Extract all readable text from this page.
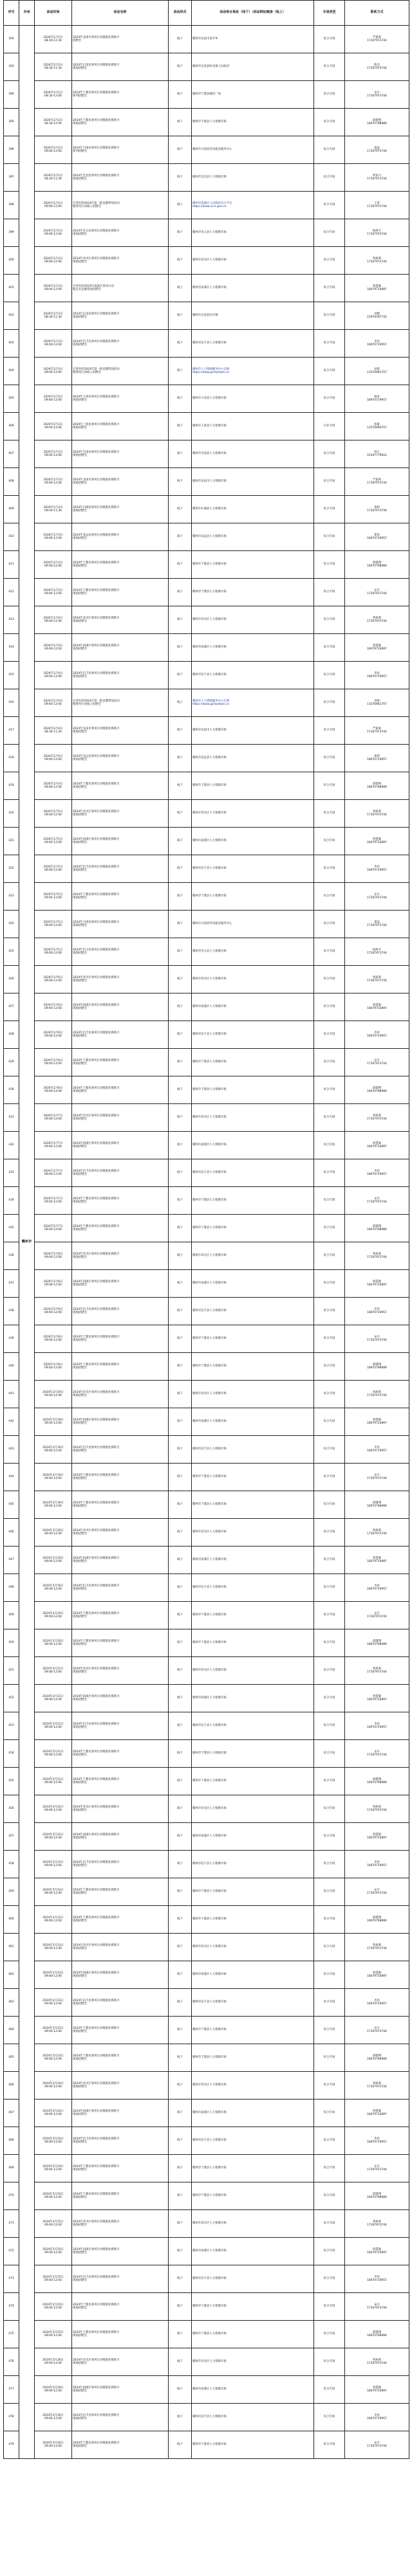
序号	市州	活动时间	活动名称	活动形式	活动举办地址（线下）（活动网址链接（线上）	专场类型	联系方式
392	赣州市	2024年2月2日
08:30-11:30	2024年龙南市春风行动暨就业援助月
招聘会	线下	赣州市龙南市南亨乡	综合专场	严霜爽
17307973744
393		2024年2月2日
08:30-11:30	2024年定南县春风行动暨就业援助月
现场招聘会	线下	赣州市定南县岭北镇人民政府	综合专场	陈美
17307973744
394		2024年2月2日
08:30-12:00	2024年宁都县春风行动暨就业援助月
系列招聘会	线下	赣州市宁都县城区广场	综合专场	宋卉
17307973744
395		2024年2月2日
08:30-12:00	2024年于都县春风行动暨就业援助月
现场招聘会	线下	赣州市于都县人力资源市场	综合专场	邱健翔
18970798989
396		2024年2月2日
09:00-12:00	2024年兴国县春风行动暨就业援助月
系列招聘会	线下	赣州市兴国县劳动就业服务中心	综合专场	夏晶
17307973744
397		2024年2月2日
08:30-11:30	2024年会昌县春风行动暨就业援助月
现场招聘会	线下	赣州市会昌县人力资源市场	综合专场	黄富兴
17307973744
398		2024年2月2日
09:00-12:00	百变医药2024年第一批直播带岗活动
暨春风行动线上招聘会	线上	赣州市南康区人民政府官方平台
https://www.ncrs.gov.cn	综合专场	王勇
17307973744
399		2024年2月2日
09:00-12:00	2024年崇义县春风行动暨就业援助月
现场招聘会	线下	赣州市崇义县人力资源市场	综合专场	杨海平
17307973744
400		2024年2月3日
09:00-12:00	2024年章贡区春风行动暨就业援助月
现场招聘会	线下	赣州市章贡区人力资源市场	综合专场	黄莉莉
17307973744
401		2024年2月3日
09:00-12:00	百变医药2024年南康区春风行动
暨企业直播带岗招聘会	线上	赣州市南康区人力资源市场	综合专场	黄慧敏
18079710897
402		2024年2月3日
08:30-11:30	2024年定南县春风行动暨就业援助月
现场招聘会	线下	赣州市定南县历市镇	综合专场	刘德
15979787745
403		2024年2月3日
09:00-12:00	2024年信丰县春风行动暨就业援助月
现场招聘会	线下	赣州市信丰县人力资源市场	综合专场	李亮
18970719957
404		2024年2月3日
09:00-12:00	百变医药2024年第一批直播带岗活动
暨春风行动线上招聘会	线上	赣州市人力资源服务中心官网
https://www.gzrlzyfwzx.cn	综合专场	刘勇
13576961707
405		2024年2月3日
09:00-12:00	2024年大余县春风行动暨就业援助月
现场招聘会	线下	赣州市大余县人力资源市场	综合专场	杨凤
18970719957
406		2024年2月3日
09:00-12:00	2024年上犹县春风行动暨就业援助月
现场招聘会	线下	赣州市上犹县人力资源市场	行业专场	张敏
13576969707
407		2024年2月3日
09:00-12:00	2024年全南县春风行动暨就业援助月
现场招聘会	线下	赣州市全南县人力资源市场	综合专场	钟云
15297779922
408		2024年2月3日
09:00-12:00	2024年龙南市春风行动暨就业援助月
现场招聘会	线下	赣州市龙南市人力资源市场	综合专场	严霜爽
17307973744
409		2024年2月3日
09:00-11:30	2024年石城县春风行动暨就业援助月
现场招聘会	线下	赣州市石城县人力资源市场	综合专场	黄婷
17307973744
410		2024年2月3日
09:00-12:00	2024年安远县春风行动暨就业援助月
现场招聘会	线下	赣州市安远县人力资源市场	综合专场	郑瑶
18970719957
411		2024年2月3日
09:00-12:00	2024年于都县春风行动暨就业援助月
现场招聘会	线下	赣州市于都县人力资源市场	综合专场	邱健翔
18970798989
412		2024年2月3日
09:00-12:00	2024年宁都县春风行动暨就业援助月
现场招聘会	线下	赣州市宁都县人力资源市场	综合专场	宋卉
17307973744
413		2024年2月4日
09:00-12:00	2024年章贡区春风行动暨就业援助月
现场招聘会	线下	赣州市章贡区人力资源市场	综合专场	黄莉莉
17307973744
414		2024年2月4日
09:00-12:00	2024年南康区春风行动暨就业援助月
现场招聘会	线下	赣州市南康区人力资源市场	综合专场	黄慧敏
18079710897
415		2024年2月4日
09:00-12:00	2024年信丰县春风行动暨就业援助月
现场招聘会	线下	赣州市信丰县人力资源市场	综合专场	李亮
18970719957
416		2024年2月4日
09:00-12:00	百变医药2024年第一批直播带岗活动
暨春风行动线上招聘会	线上	赣州市人力资源服务中心官网
https://www.gzrlzyfwzx.cn	综合专场	刘勇
13576961707
417		2024年2月4日
08:30-11:30	2024年龙南市春风行动暨就业援助月
现场招聘会	线下	赣州市龙南市人力资源市场	综合专场	严霜爽
17307973744
418		2024年2月4日
09:00-12:00	2024年安远县春风行动暨就业援助月
现场招聘会	线下	赣州市安远县人力资源市场	综合专场	郑瑶
18970719957
419		2024年2月4日
09:00-12:00	2024年于都县春风行动暨就业援助月
现场招聘会	线下	赣州市于都县人力资源市场	综合专场	邱健翔
18970798989
420		2024年2月5日
09:00-12:00	2024年章贡区春风行动暨就业援助月
现场招聘会	线下	赣州市章贡区人力资源市场	综合专场	黄莉莉
17307973744
421		2024年2月5日
09:00-12:00	2024年南康区春风行动暨就业援助月
现场招聘会	线下	赣州市南康区人力资源市场	综合专场	黄慧敏
18079710897
422		2024年2月5日
09:00-12:00	2024年信丰县春风行动暨就业援助月
现场招聘会	线下	赣州市信丰县人力资源市场	综合专场	李亮
18970719957
423		2024年2月5日
09:00-12:00	2024年宁都县春风行动暨就业援助月
现场招聘会	线下	赣州市宁都县人力资源市场	综合专场	宋卉
17307973744
424		2024年2月5日
09:00-12:00	2024年兴国县春风行动暨就业援助月
现场招聘会	线下	赣州市兴国县劳动就业服务中心	综合专场	夏晶
17307973744
425		2024年2月5日
09:00-12:00	2024年崇义县春风行动暨就业援助月
现场招聘会	线下	赣州市崇义县人力资源市场	综合专场	杨海平
17307973744
426		2024年2月6日
09:00-12:00	2024年章贡区春风行动暨就业援助月
现场招聘会	线下	赣州市章贡区人力资源市场	综合专场	黄莉莉
17307973744
427		2024年2月6日
09:00-12:00	2024年南康区春风行动暨就业援助月
现场招聘会	线下	赣州市南康区人力资源市场	综合专场	黄慧敏
18079710897
428		2024年2月6日
09:00-12:00	2024年信丰县春风行动暨就业援助月
现场招聘会	线下	赣州市信丰县人力资源市场	综合专场	李亮
18970719957
429		2024年2月6日
09:00-12:00	2024年宁都县春风行动暨就业援助月
现场招聘会	线下	赣州市宁都县人力资源市场	综合专场	宋卉
17307973744
430		2024年2月6日
09:00-12:00	2024年于都县春风行动暨就业援助月
现场招聘会	线下	赣州市于都县人力资源市场	综合专场	邱健翔
18970798989
431		2024年2月7日
09:00-12:00	2024年章贡区春风行动暨就业援助月
现场招聘会	线下	赣州市章贡区人力资源市场	综合专场	黄莉莉
17307973744
432		2024年2月7日
09:00-12:00	2024年南康区春风行动暨就业援助月
现场招聘会	线下	赣州市南康区人力资源市场	综合专场	黄慧敏
18079710897
433		2024年2月7日
09:00-12:00	2024年信丰县春风行动暨就业援助月
现场招聘会	线下	赣州市信丰县人力资源市场	综合专场	李亮
18970719957
434		2024年2月7日
09:00-12:00	2024年宁都县春风行动暨就业援助月
现场招聘会	线下	赣州市宁都县人力资源市场	综合专场	宋卉
17307973744
435		2024年2月7日
09:00-12:00	2024年于都县春风行动暨就业援助月
现场招聘会	线下	赣州市于都县人力资源市场	综合专场	邱健翔
18970798989
436		2024年2月8日
09:00-12:00	2024年章贡区春风行动暨就业援助月
现场招聘会	线下	赣州市章贡区人力资源市场	综合专场	黄莉莉
17307973744
437		2024年2月8日
09:00-12:00	2024年南康区春风行动暨就业援助月
现场招聘会	线下	赣州市南康区人力资源市场	综合专场	黄慧敏
18079710897
438		2024年2月8日
09:00-12:00	2024年信丰县春风行动暨就业援助月
现场招聘会	线下	赣州市信丰县人力资源市场	综合专场	李亮
18970719957
439		2024年2月8日
09:00-12:00	2024年宁都县春风行动暨就业援助月
现场招聘会	线下	赣州市宁都县人力资源市场	综合专场	宋卉
17307973744
440		2024年2月8日
09:00-12:00	2024年于都县春风行动暨就业援助月
现场招聘会	线下	赣州市于都县人力资源市场	综合专场	邱健翔
18970798989
441		2024年2月19日
09:00-12:00	2024年章贡区春风行动暨就业援助月
现场招聘会	线下	赣州市章贡区人力资源市场	综合专场	黄莉莉
17307973744
442		2024年2月19日
09:00-12:00	2024年南康区春风行动暨就业援助月
现场招聘会	线下	赣州市南康区人力资源市场	综合专场	黄慧敏
18079710897
443		2024年2月19日
09:00-12:00	2024年信丰县春风行动暨就业援助月
现场招聘会	线下	赣州市信丰县人力资源市场	综合专场	李亮
18970719957
444		2024年2月19日
09:00-12:00	2024年宁都县春风行动暨就业援助月
现场招聘会	线下	赣州市宁都县人力资源市场	综合专场	宋卉
17307973744
445		2024年2月19日
09:00-12:00	2024年于都县春风行动暨就业援助月
现场招聘会	线下	赣州市于都县人力资源市场	综合专场	邱健翔
18970798989
446		2024年2月20日
09:00-12:00	2024年章贡区春风行动暨就业援助月
现场招聘会	线下	赣州市章贡区人力资源市场	综合专场	黄莉莉
17307973744
447		2024年2月20日
09:00-12:00	2024年南康区春风行动暨就业援助月
现场招聘会	线下	赣州市南康区人力资源市场	综合专场	黄慧敏
18079710897
448		2024年2月20日
09:00-12:00	2024年信丰县春风行动暨就业援助月
现场招聘会	线下	赣州市信丰县人力资源市场	综合专场	李亮
18970719957
449		2024年2月20日
09:00-12:00	2024年宁都县春风行动暨就业援助月
现场招聘会	线下	赣州市宁都县人力资源市场	综合专场	宋卉
17307973744
450		2024年2月20日
09:00-12:00	2024年于都县春风行动暨就业援助月
现场招聘会	线下	赣州市于都县人力资源市场	综合专场	邱健翔
18970798989
451		2024年2月21日
09:00-12:00	2024年章贡区春风行动暨就业援助月
现场招聘会	线下	赣州市章贡区人力资源市场	综合专场	黄莉莉
17307973744
452		2024年2月21日
09:00-12:00	2024年南康区春风行动暨就业援助月
现场招聘会	线下	赣州市南康区人力资源市场	综合专场	黄慧敏
18079710897
453		2024年2月21日
09:00-12:00	2024年信丰县春风行动暨就业援助月
现场招聘会	线下	赣州市信丰县人力资源市场	综合专场	李亮
18970719957
454		2024年2月21日
09:00-12:00	2024年宁都县春风行动暨就业援助月
现场招聘会	线下	赣州市宁都县人力资源市场	综合专场	宋卉
17307973744
455		2024年2月21日
09:00-12:00	2024年于都县春风行动暨就业援助月
现场招聘会	线下	赣州市于都县人力资源市场	综合专场	邱健翔
18970798989
456		2024年2月22日
09:00-12:00	2024年章贡区春风行动暨就业援助月
现场招聘会	线下	赣州市章贡区人力资源市场	综合专场	黄莉莉
17307973744
457		2024年2月22日
09:00-12:00	2024年南康区春风行动暨就业援助月
现场招聘会	线下	赣州市南康区人力资源市场	综合专场	黄慧敏
18079710897
458		2024年2月22日
09:00-12:00	2024年信丰县春风行动暨就业援助月
现场招聘会	线下	赣州市信丰县人力资源市场	综合专场	李亮
18970719957
459		2024年2月22日
09:00-12:00	2024年宁都县春风行动暨就业援助月
现场招聘会	线下	赣州市宁都县人力资源市场	综合专场	宋卉
17307973744
460		2024年2月22日
09:00-12:00	2024年于都县春风行动暨就业援助月
现场招聘会	线下	赣州市于都县人力资源市场	综合专场	邱健翔
18970798989
461		2024年2月23日
09:00-12:00	2024年章贡区春风行动暨就业援助月
现场招聘会	线下	赣州市章贡区人力资源市场	综合专场	黄莉莉
17307973744
462		2024年2月23日
09:00-12:00	2024年南康区春风行动暨就业援助月
现场招聘会	线下	赣州市南康区人力资源市场	综合专场	黄慧敏
18079710897
463		2024年2月23日
09:00-12:00	2024年信丰县春风行动暨就业援助月
现场招聘会	线下	赣州市信丰县人力资源市场	综合专场	李亮
18970719957
464		2024年2月23日
09:00-12:00	2024年宁都县春风行动暨就业援助月
现场招聘会	线下	赣州市宁都县人力资源市场	综合专场	宋卉
17307973744
465		2024年2月23日
09:00-12:00	2024年于都县春风行动暨就业援助月
现场招聘会	线下	赣州市于都县人力资源市场	综合专场	邱健翔
18970798989
466		2024年2月24日
09:00-12:00	2024年章贡区春风行动暨就业援助月
现场招聘会	线下	赣州市章贡区人力资源市场	综合专场	黄莉莉
17307973744
467		2024年2月24日
09:00-12:00	2024年南康区春风行动暨就业援助月
现场招聘会	线下	赣州市南康区人力资源市场	综合专场	黄慧敏
18079710897
468		2024年2月24日
09:00-12:00	2024年信丰县春风行动暨就业援助月
现场招聘会	线下	赣州市信丰县人力资源市场	综合专场	李亮
18970719957
469		2024年2月24日
09:00-12:00	2024年宁都县春风行动暨就业援助月
现场招聘会	线下	赣州市宁都县人力资源市场	综合专场	宋卉
17307973744
470		2024年2月24日
09:00-12:00	2024年于都县春风行动暨就业援助月
现场招聘会	线下	赣州市于都县人力资源市场	综合专场	邱健翔
18970798989
471		2024年2月25日
09:00-12:00	2024年章贡区春风行动暨就业援助月
现场招聘会	线下	赣州市章贡区人力资源市场	综合专场	黄莉莉
17307973744
472		2024年2月25日
09:00-12:00	2024年南康区春风行动暨就业援助月
现场招聘会	线下	赣州市南康区人力资源市场	综合专场	黄慧敏
18079710897
473		2024年2月25日
09:00-12:00	2024年信丰县春风行动暨就业援助月
现场招聘会	线下	赣州市信丰县人力资源市场	综合专场	李亮
18970719957
474		2024年2月25日
09:00-12:00	2024年宁都县春风行动暨就业援助月
现场招聘会	线下	赣州市宁都县人力资源市场	综合专场	宋卉
17307973744
475		2024年2月25日
09:00-12:00	2024年于都县春风行动暨就业援助月
现场招聘会	线下	赣州市于都县人力资源市场	综合专场	邱健翔
18970798989
476		2024年2月26日
09:00-12:00	2024年章贡区春风行动暨就业援助月
现场招聘会	线下	赣州市章贡区人力资源市场	综合专场	黄莉莉
17307973744
477		2024年2月26日
09:00-12:00	2024年南康区春风行动暨就业援助月
现场招聘会	线下	赣州市南康区人力资源市场	综合专场	黄慧敏
18079710897
478		2024年2月26日
09:00-12:00	2024年信丰县春风行动暨就业援助月
现场招聘会	线下	赣州市信丰县人力资源市场	综合专场	李亮
18970719957
479		2024年2月26日
09:00-12:00	2024年宁都县春风行动暨就业援助月
现场招聘会	线下	赣州市宁都县人力资源市场	综合专场	宋卉
17307973744
